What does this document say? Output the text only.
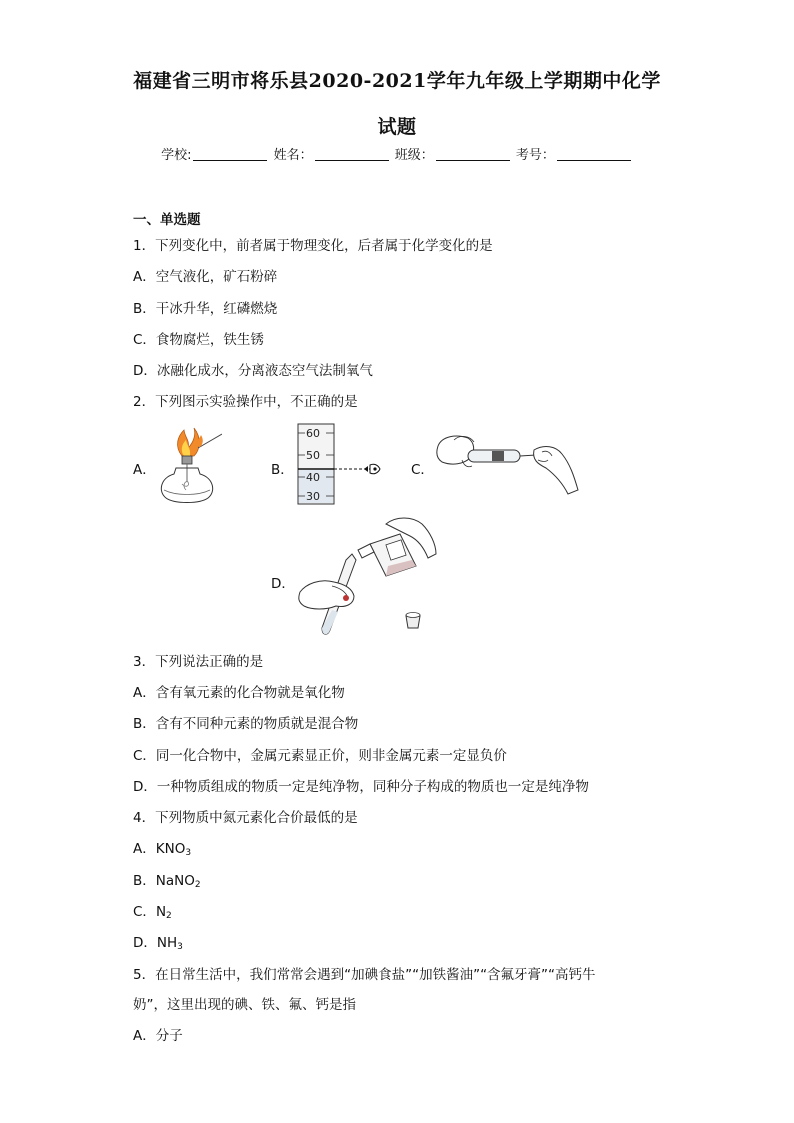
福建省三明市将乐县2020-2021学年九年级上学期期中化学
试题
学校:	姓名：	班级：	考号：
一、单选题
1．下列变化中，前者属于物理变化，后者属于化学变化的是
A．空气液化，矿石粉碎
B．干冰升华，红磷燃烧
C．食物腐烂，铁生锈
D．冰融化成水，分离液态空气法制氧气
2．下列图示实验操作中，不正确的是
A．	B．
60
50
40
30
C．
D．
3．下列说法正确的是
A．含有氧元素的化合物就是氧化物
B．含有不同种元素的物质就是混合物
C．同一化合物中，金属元素显正价，则非金属元素一定显负价
D．一种物质组成的物质一定是纯净物，同种分子构成的物质也一定是纯净物
4．下列物质中氮元素化合价最低的是
A．$KNO_3$
B．NaNO$_2$
C．$N_2$
D．$NH_3$
5．在日常生活中，我们常常会遇到“加碘食盐”“加铁酱油”“含氟牙膏”“高钙牛
奶”，这里出现的碘、铁、氟、钙是指
A．分子
